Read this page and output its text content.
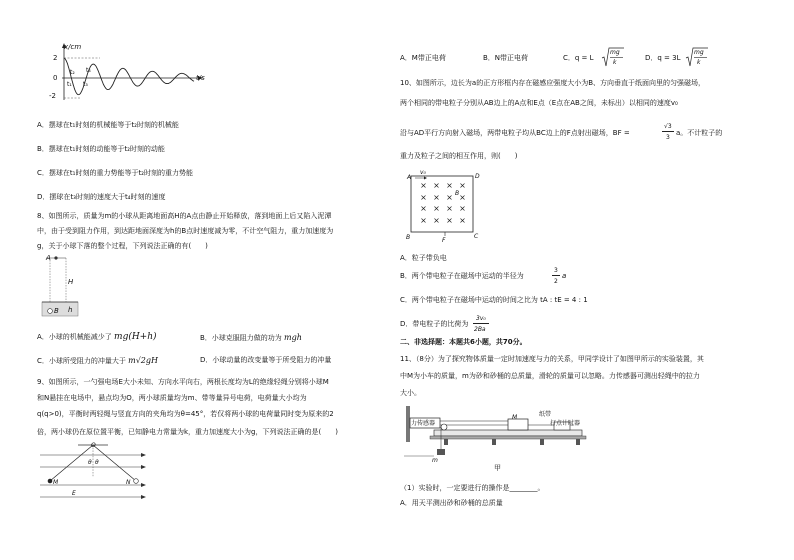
x/cm
t/s
2
0
-2
t₁
t₂
t₃
t₄
A．摆球在t₁时刻的机械能等于t₂时刻的机械能
B．摆球在t₁时刻的动能等于t₂时刻的动能
C．摆球在t₁时刻的重力势能等于t₂时刻的重力势能
D．摆球在t₃时刻的速度大于t₄时刻的速度
8、如图所示，质量为m的小球从距离地面高H的A点由静止开始释放，落到地面上后又陷入泥潭
中，由于受到阻力作用，到达距地面深度为h的B点时速度减为零，不计空气阻力，重力加速度为
g，关于小球下落的整个过程，下列说法正确的有(　　)
A
H
h
B
A．小球的机械能减少了 mg(H+h)	B．小球克服阻力做的功为 mgh
C．小球所受阻力的冲量大于 m√2gH	D．小球动量的改变量等于所受阻力的冲量
9、如图所示，一勺强电场E大小未知、方向水平向右，两根长度均为L的绝缘轻绳分别将小球M
和N悬挂在电场中，悬点均为O，两小球质量均为m、带等量异号电荷，电荷量大小均为
q(q>0)，平衡时两轻绳与竖直方向的夹角均为θ=45°，若仅将两小球的电荷量同时变为原来的2
倍，两小球仍在原位置平衡，已知静电力常量为k，重力加速度大小为g，下列说法正确的是(　　)
O
θ θ
M	N
E
A．M带正电荷	B．N带正电荷	C．q = L
mg
k
D．q = 3L
mg
k
10、如图所示，边长为a的正方形框内存在磁感应强度大小为B、方向垂直于纸面向里的匀强磁场，
两个相同的带电粒子分别从AB边上的A点和E点（E点在AB之间，未标出）以相同的速度v₀
沿与AD平行方向射入磁场，两带电粒子均从BC边上的F点射出磁场，BF =
√3
3
a。不计粒子的
重力及粒子之间的相互作用，则(　　)
× × × ×
× × × ×
× × × ×
× × × ×
A
v₀
D
B
B	F
C
A．粒子带负电
B．两个带电粒子在磁场中运动的半径为
3
2
a
C．两个带电粒子在磁场中运动的时间之比为 tA : tE = 4 : 1
D．带电粒子的比荷为
3v₀
2Ba
二、非选择题：本题共6小题，共70分。
11、（8分）为了探究物体质量一定时加速度与力的关系，甲同学设计了如图甲所示的实验装置，其
中M为小车的质量，m为砂和砂桶的总质量，滑轮的质量可以忽略。力传感器可测出轻绳中的拉力
大小。
力传感器
M	纸带
打点计时器
m
甲
（1）实验时，一定要进行的操作是________。
A．用天平测出砂和砂桶的总质量
